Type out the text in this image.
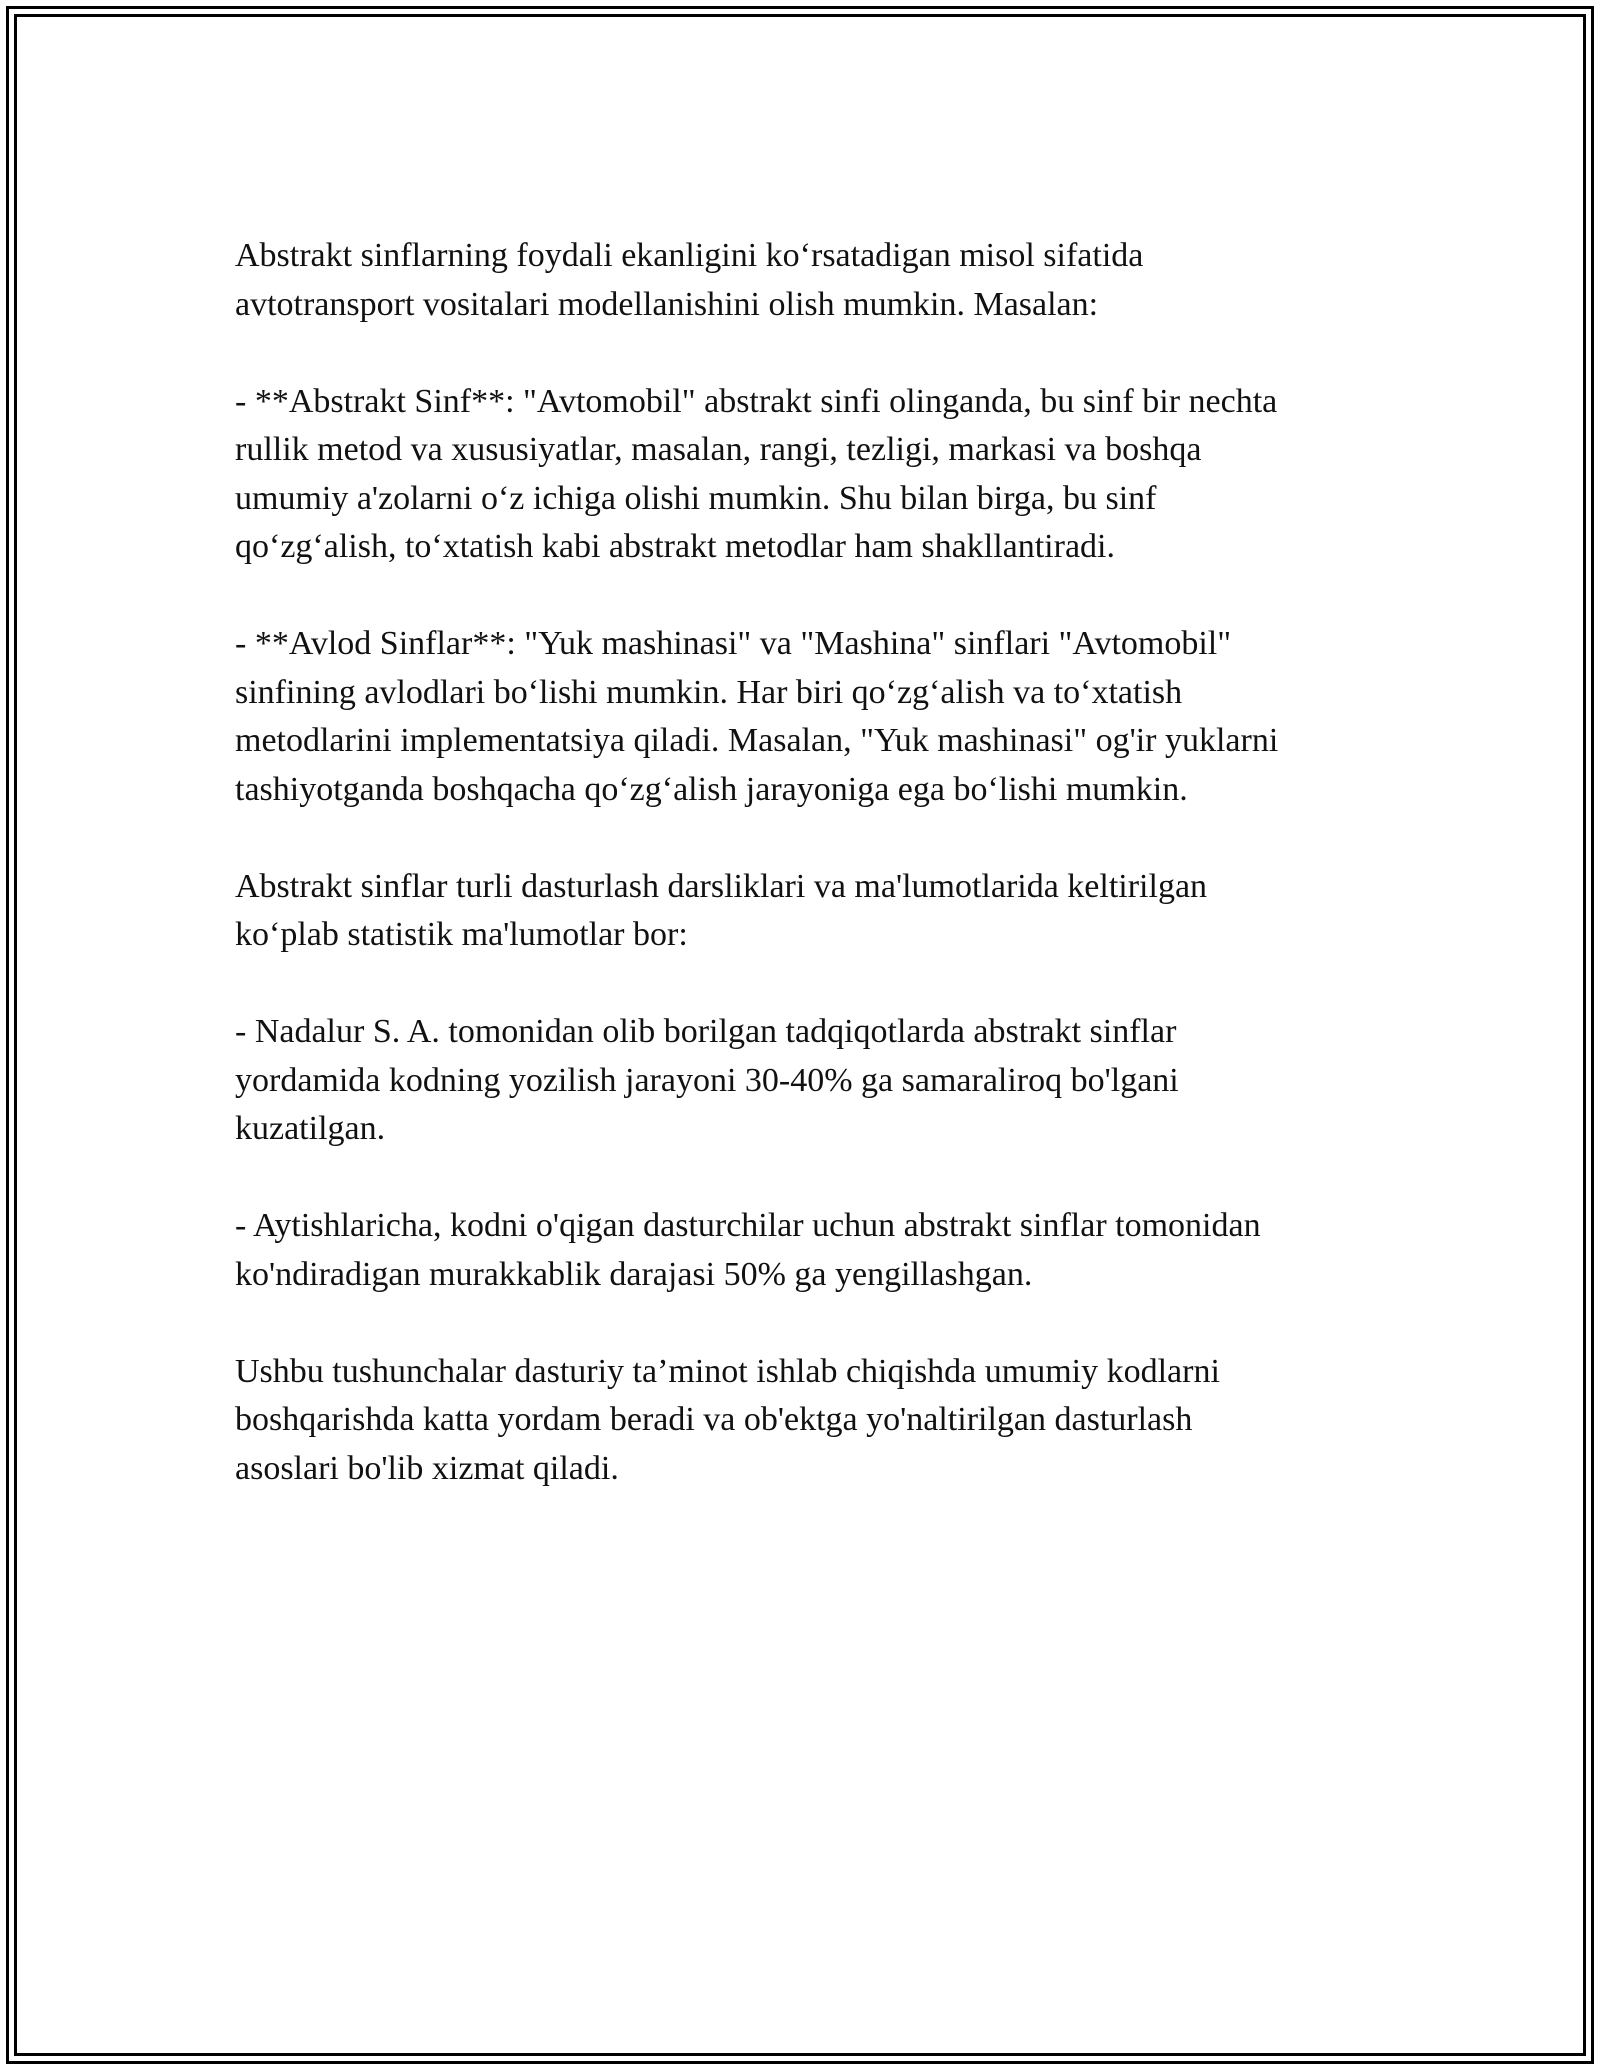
Abstrakt sinflarning foydali ekanligini ko‘rsatadigan misol sifatida
avtotransport vositalari modellanishini olish mumkin. Masalan:

- **Abstrakt Sinf**: "Avtomobil" abstrakt sinfi olinganda, bu sinf bir nechta
rullik metod va xususiyatlar, masalan, rangi, tezligi, markasi va boshqa
umumiy a'zolarni o‘z ichiga olishi mumkin. Shu bilan birga, bu sinf
qo‘zg‘alish, to‘xtatish kabi abstrakt metodlar ham shakllantiradi.

- **Avlod Sinflar**: "Yuk mashinasi" va "Mashina" sinflari "Avtomobil"
sinfining avlodlari bo‘lishi mumkin. Har biri qo‘zg‘alish va to‘xtatish
metodlarini implementatsiya qiladi. Masalan, "Yuk mashinasi" og'ir yuklarni
tashiyotganda boshqacha qo‘zg‘alish jarayoniga ega bo‘lishi mumkin.

Abstrakt sinflar turli dasturlash darsliklari va ma'lumotlarida keltirilgan
ko‘plab statistik ma'lumotlar bor:

- Nadalur S. A. tomonidan olib borilgan tadqiqotlarda abstrakt sinflar
yordamida kodning yozilish jarayoni 30-40% ga samaraliroq bo'lgani
kuzatilgan.

- Aytishlaricha, kodni o'qigan dasturchilar uchun abstrakt sinflar tomonidan
ko'ndiradigan murakkablik darajasi 50% ga yengillashgan.

Ushbu tushunchalar dasturiy ta’minot ishlab chiqishda umumiy kodlarni
boshqarishda katta yordam beradi va ob'ektga yo'naltirilgan dasturlash
asoslari bo'lib xizmat qiladi.
